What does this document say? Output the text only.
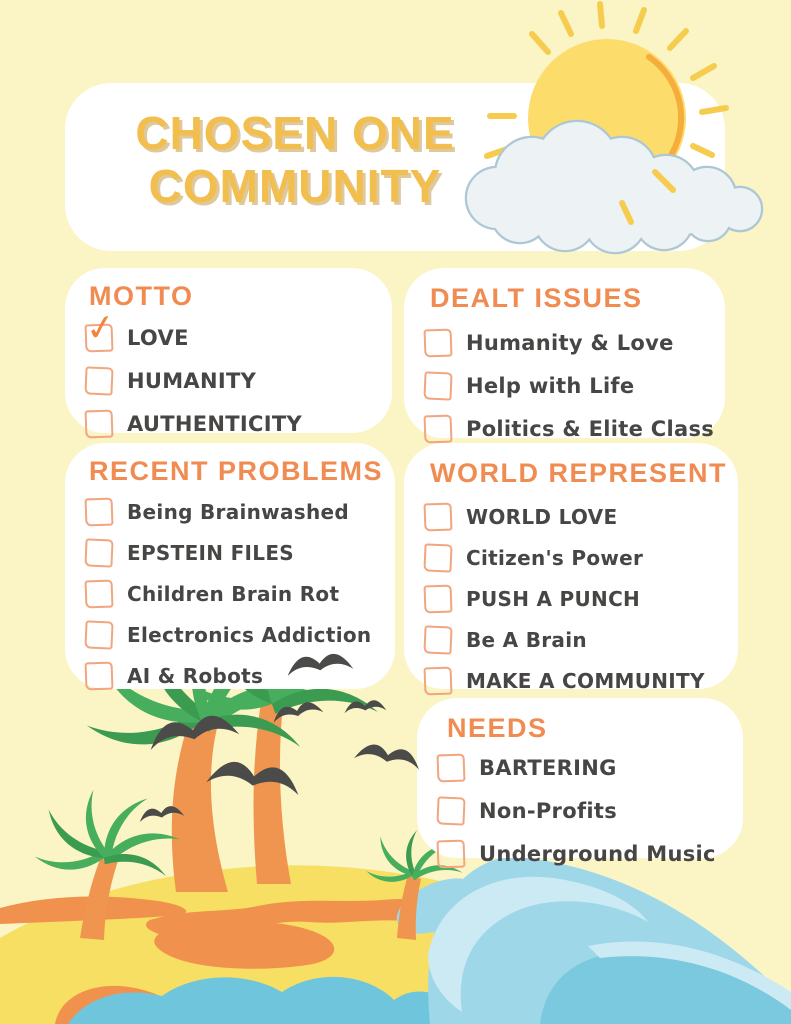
CHOSEN ONE
COMMUNITY
MOTTO
✓ LOVE
HUMANITY
AUTHENTICITY
DEALT ISSUES
Humanity & Love
Help with Life
Politics & Elite Class
RECENT PROBLEMS
Being Brainwashed
EPSTEIN FILES
Children Brain Rot
Electronics Addiction
AI & Robots
WORLD REPRESENT
WORLD LOVE
Citizen's Power
PUSH A PUNCH
Be A Brain
MAKE A COMMUNITY
NEEDS
BARTERING
Non-Profits
Underground Music
